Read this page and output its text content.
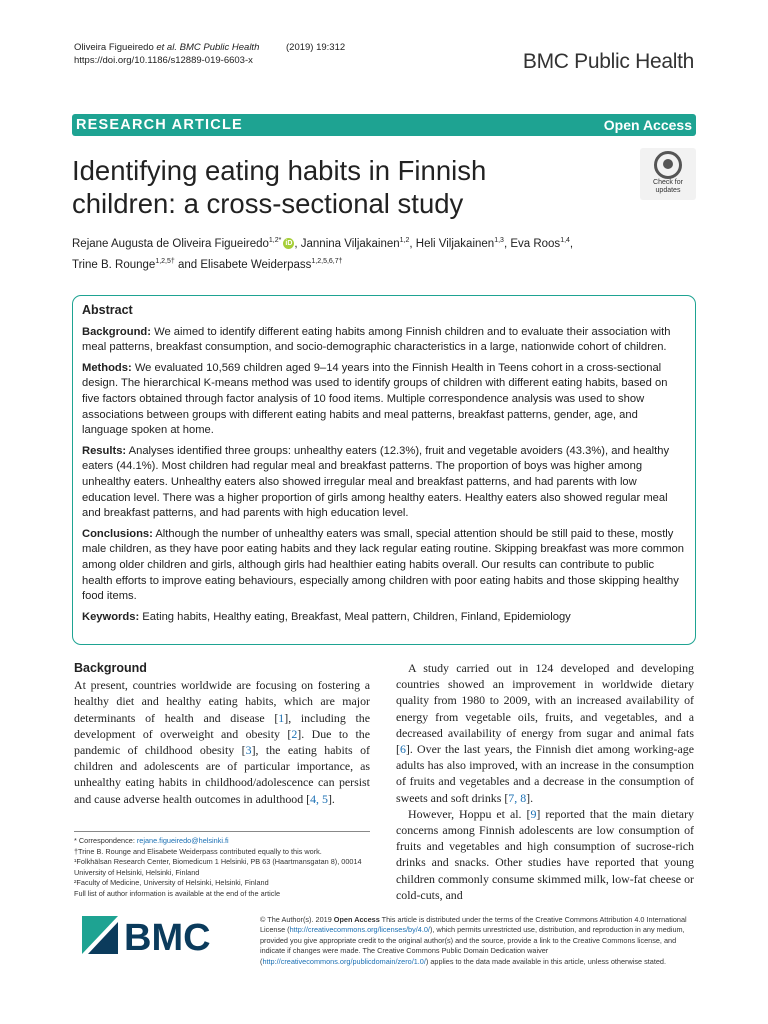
Oliveira Figueiredo et al. BMC Public Health	(2019) 19:312
https://doi.org/10.1186/s12889-019-6603-x	BMC Public Health
RESEARCH ARTICLE	Open Access
Identifying eating habits in Finnish children: a cross-sectional study
Check for
updates
Rejane Augusta de Oliveira Figueiredo$^{1,2*}$ iD , Jannina Viljakainen$^{1,2}$, Heli Viljakainen$^{1,3}$, Eva Roos$^{1,4}$,
Trine B. Rounge$^{1,2,5\dagger}$ and Elisabete Weiderpass$^{1,2,5,6,7\dagger}$
Abstract

Background: We aimed to identify different eating habits among Finnish children and to evaluate their association with meal patterns, breakfast consumption, and socio-demographic characteristics in a large, nationwide cohort of children.

Methods: We evaluated 10,569 children aged 9–14 years into the Finnish Health in Teens cohort in a cross-sectional design. The hierarchical K-means method was used to identify groups of children with different eating habits, based on five factors obtained through factor analysis of 10 food items. Multiple correspondence analysis was used to show associations between groups with different eating habits and meal patterns, breakfast patterns, gender, age, and language spoken at home.

Results: Analyses identified three groups: unhealthy eaters (12.3%), fruit and vegetable avoiders (43.3%), and healthy eaters (44.1%). Most children had regular meal and breakfast patterns. The proportion of boys was higher among unhealthy eaters. Unhealthy eaters also showed irregular meal and breakfast patterns, and had parents with low education level. There was a higher proportion of girls among healthy eaters. Healthy eaters also showed regular meal and breakfast patterns, and had parents with high education level.

Conclusions: Although the number of unhealthy eaters was small, special attention should be still paid to these, mostly male children, as they have poor eating habits and they lack regular eating routine. Skipping breakfast was more common among older children and girls, although girls had healthier eating habits overall. Our results can contribute to public health efforts to improve eating behaviours, especially among children with poor eating habits and those skipping healthy food items.

Keywords: Eating habits, Healthy eating, Breakfast, Meal pattern, Children, Finland, Epidemiology

Background

At present, countries worldwide are focusing on fostering a healthy diet and healthy eating habits, which are major determinants of health and disease [1], including the development of overweight and obesity [2]. Due to the pandemic of childhood obesity [3], the eating habits of children and adolescents are of particular importance, as unhealthy eating habits in childhood/adolescence can persist and cause adverse health outcomes in adulthood [4, 5].

A study carried out in 124 developed and developing countries showed an improvement in worldwide dietary quality from 1980 to 2009, with an increased availability of energy from vegetable oils, fruits, and vegetables, and a decreased availability of energy from sugar and animal fats [6]. Over the last years, the Finnish diet among working-age adults has also improved, with an increase in the consumption of fruits and vegetables and a decrease in the consumption of sweets and soft drinks [7, 8].

However, Hoppu et al. [9] reported that the main dietary concerns among Finnish adolescents are low consumption of fruits and vegetables and high consumption of sucrose-rich drinks and snacks. Other studies have reported that young children commonly consume skimmed milk, low-fat cheese or cold-cuts, and

* Correspondence: rejane.figueiredo@helsinki.fi
†Trine B. Rounge and Elisabete Weiderpass contributed equally to this work.
¹Folkhälsan Research Center, Biomedicum 1 Helsinki, PB 63 (Haartmansgatan 8), 00014 University of Helsinki, Helsinki, Finland
²Faculty of Medicine, University of Helsinki, Helsinki, Finland
Full list of author information is available at the end of the article
BMC	© The Author(s). 2019 Open Access This article is distributed under the terms of the Creative Commons Attribution 4.0 International License (http://creativecommons.org/licenses/by/4.0/), which permits unrestricted use, distribution, and reproduction in any medium, provided you give appropriate credit to the original author(s) and the source, provide a link to the Creative Commons license, and indicate if changes were made. The Creative Commons Public Domain Dedication waiver (http://creativecommons.org/publicdomain/zero/1.0/) applies to the data made available in this article, unless otherwise stated.
